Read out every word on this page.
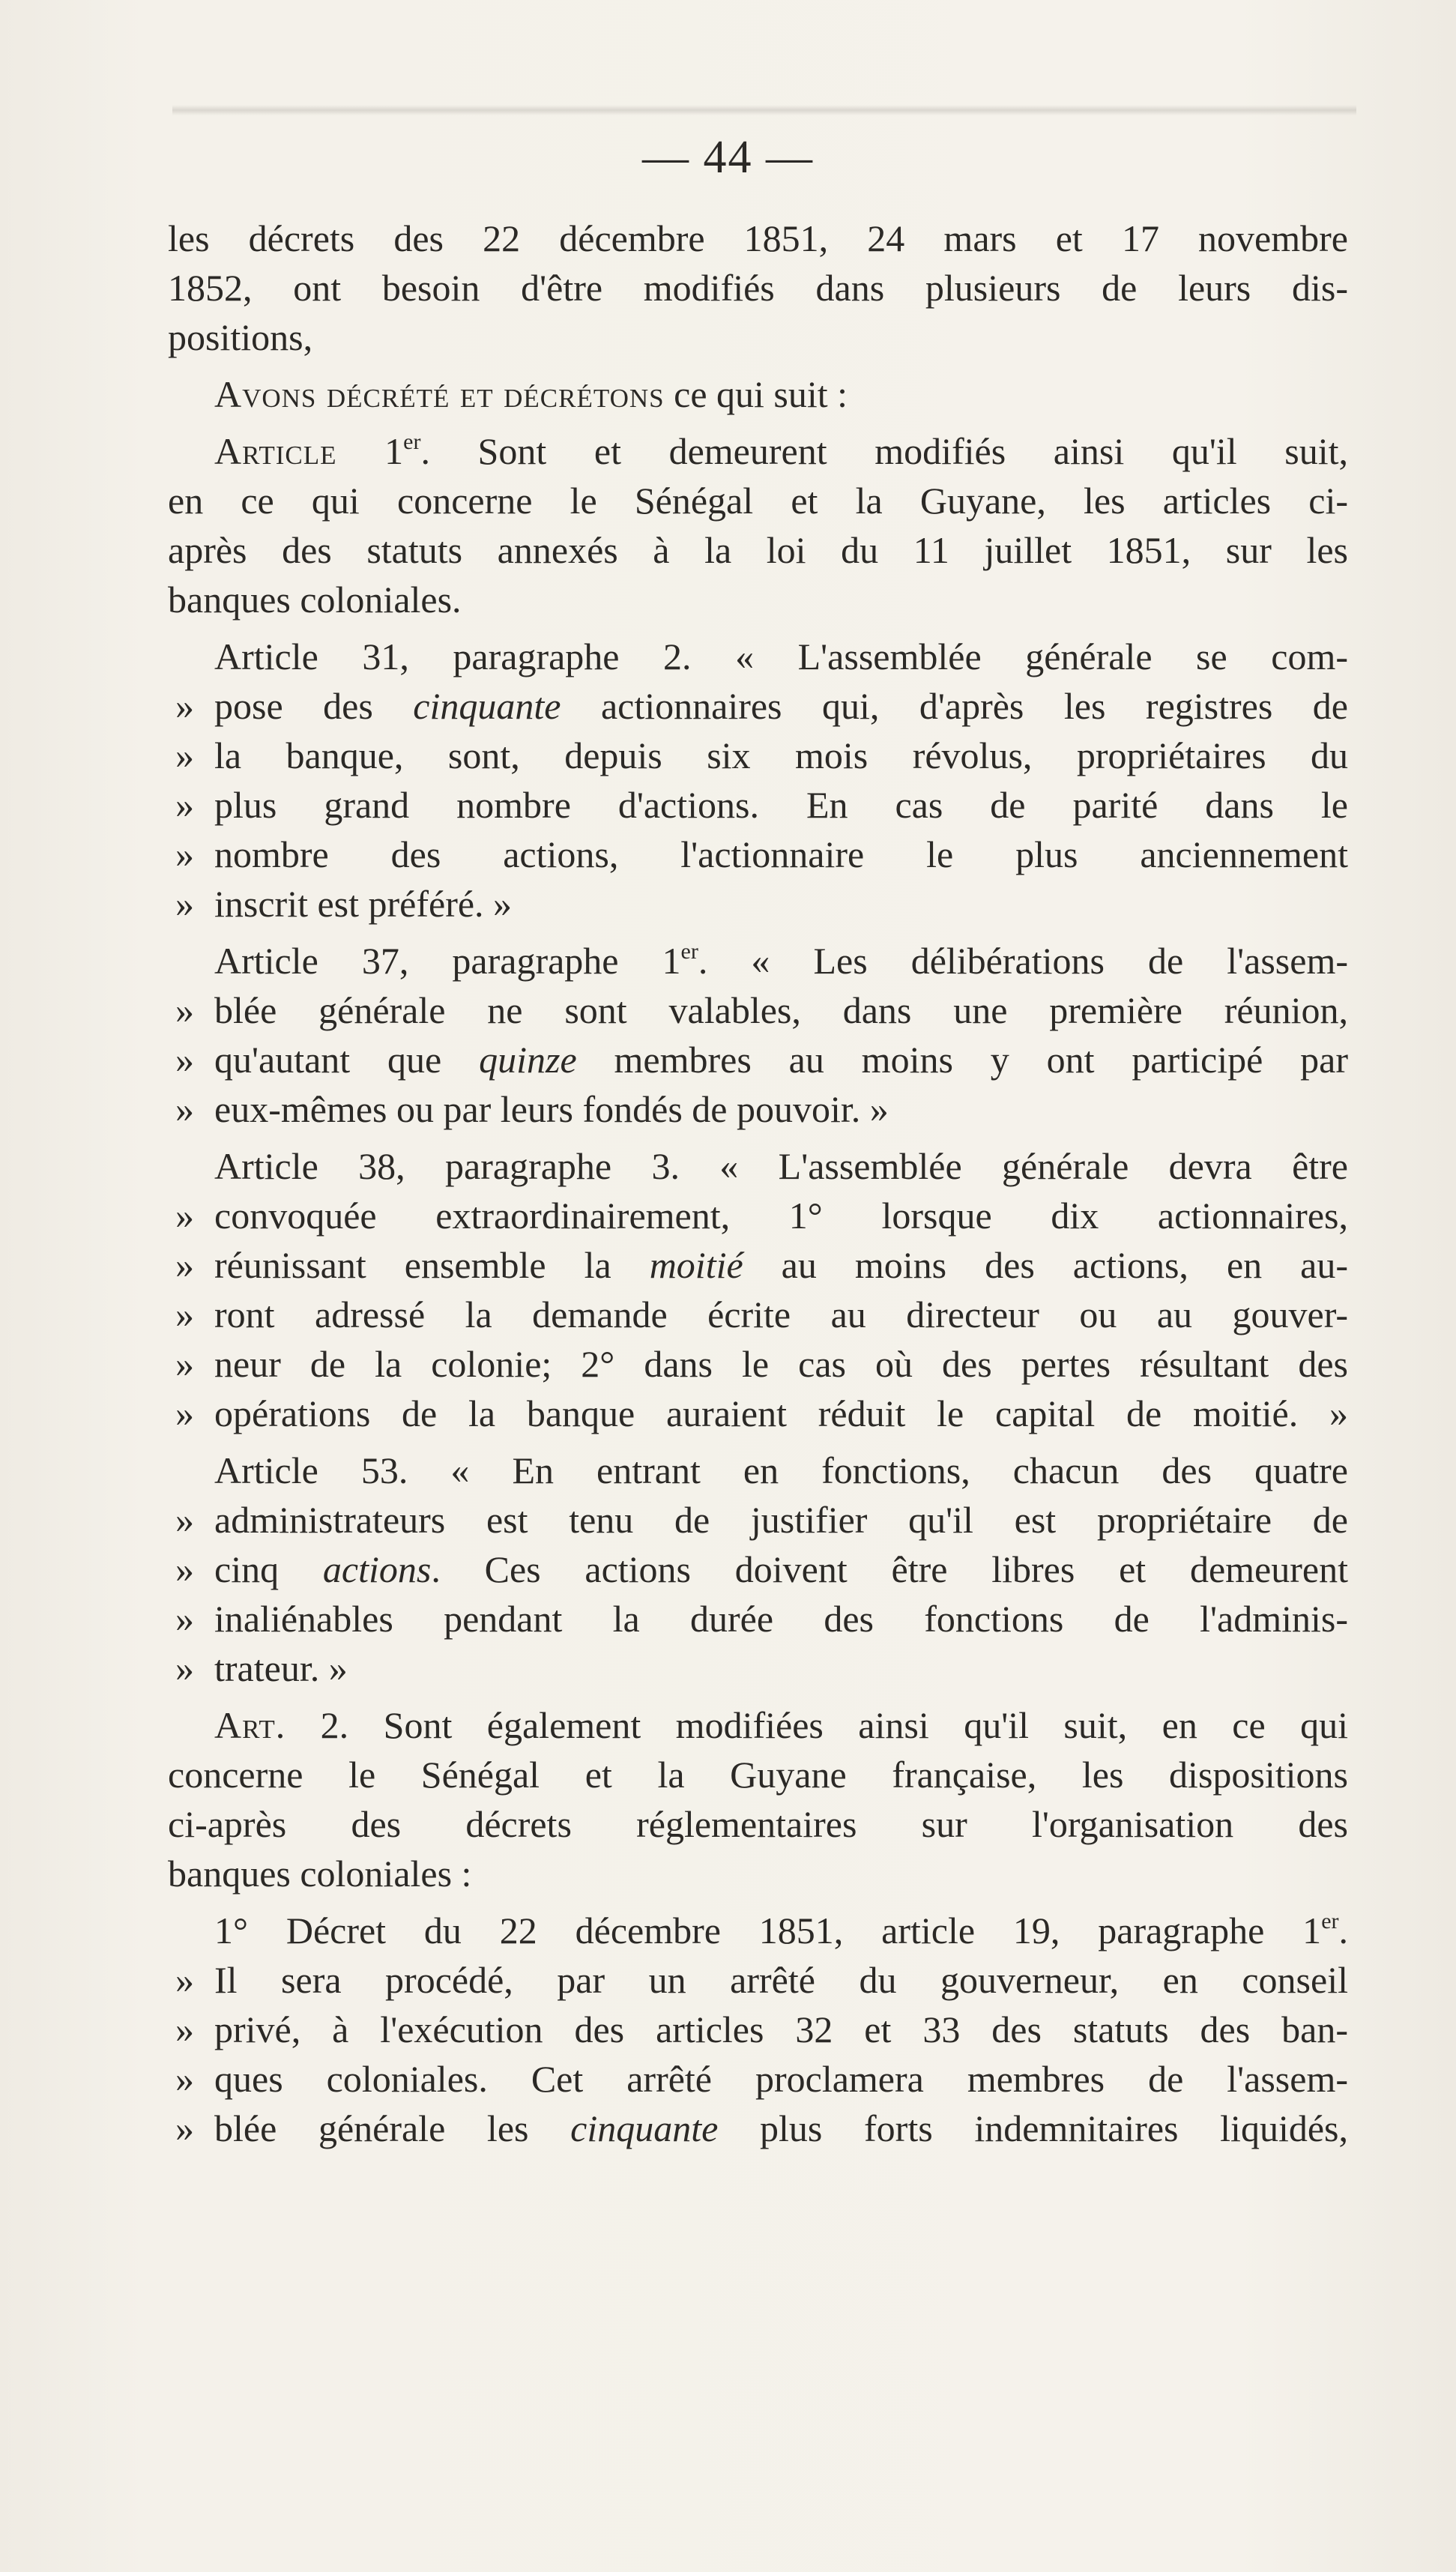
— 44 —
les décrets des 22 décembre 1851, 24 mars et 17 novembre
1852, ont besoin d'être modifiés dans plusieurs de leurs dis-
positions,
Avons décrété et décrétons ce qui suit :
Article 1er. Sont et demeurent modifiés ainsi qu'il suit,
en ce qui concerne le Sénégal et la Guyane, les articles ci-
après des statuts annexés à la loi du 11 juillet 1851, sur les
banques coloniales.
Article 31, paragraphe 2. « L'assemblée générale se com-
» pose des cinquante actionnaires qui, d'après les registres de
» la banque, sont, depuis six mois révolus, propriétaires du
» plus grand nombre d'actions. En cas de parité dans le
» nombre des actions, l'actionnaire le plus anciennement
» inscrit est préféré. »
Article 37, paragraphe 1er. « Les délibérations de l'assem-
» blée générale ne sont valables, dans une première réunion,
» qu'autant que quinze membres au moins y ont participé par
» eux-mêmes ou par leurs fondés de pouvoir. »
Article 38, paragraphe 3. « L'assemblée générale devra être
» convoquée extraordinairement, 1° lorsque dix actionnaires,
» réunissant ensemble la moitié au moins des actions, en au-
» ront adressé la demande écrite au directeur ou au gouver-
» neur de la colonie; 2° dans le cas où des pertes résultant des
» opérations de la banque auraient réduit le capital de moitié. »
Article 53. « En entrant en fonctions, chacun des quatre
» administrateurs est tenu de justifier qu'il est propriétaire de
» cinq actions. Ces actions doivent être libres et demeurent
» inaliénables pendant la durée des fonctions de l'adminis-
» trateur. »
Art. 2. Sont également modifiées ainsi qu'il suit, en ce qui
concerne le Sénégal et la Guyane française, les dispositions
ci-après des décrets réglementaires sur l'organisation des
banques coloniales :
1° Décret du 22 décembre 1851, article 19, paragraphe 1er.
» Il sera procédé, par un arrêté du gouverneur, en conseil
» privé, à l'exécution des articles 32 et 33 des statuts des ban-
» ques coloniales. Cet arrêté proclamera membres de l'assem-
» blée générale les cinquante plus forts indemnitaires liquidés,
